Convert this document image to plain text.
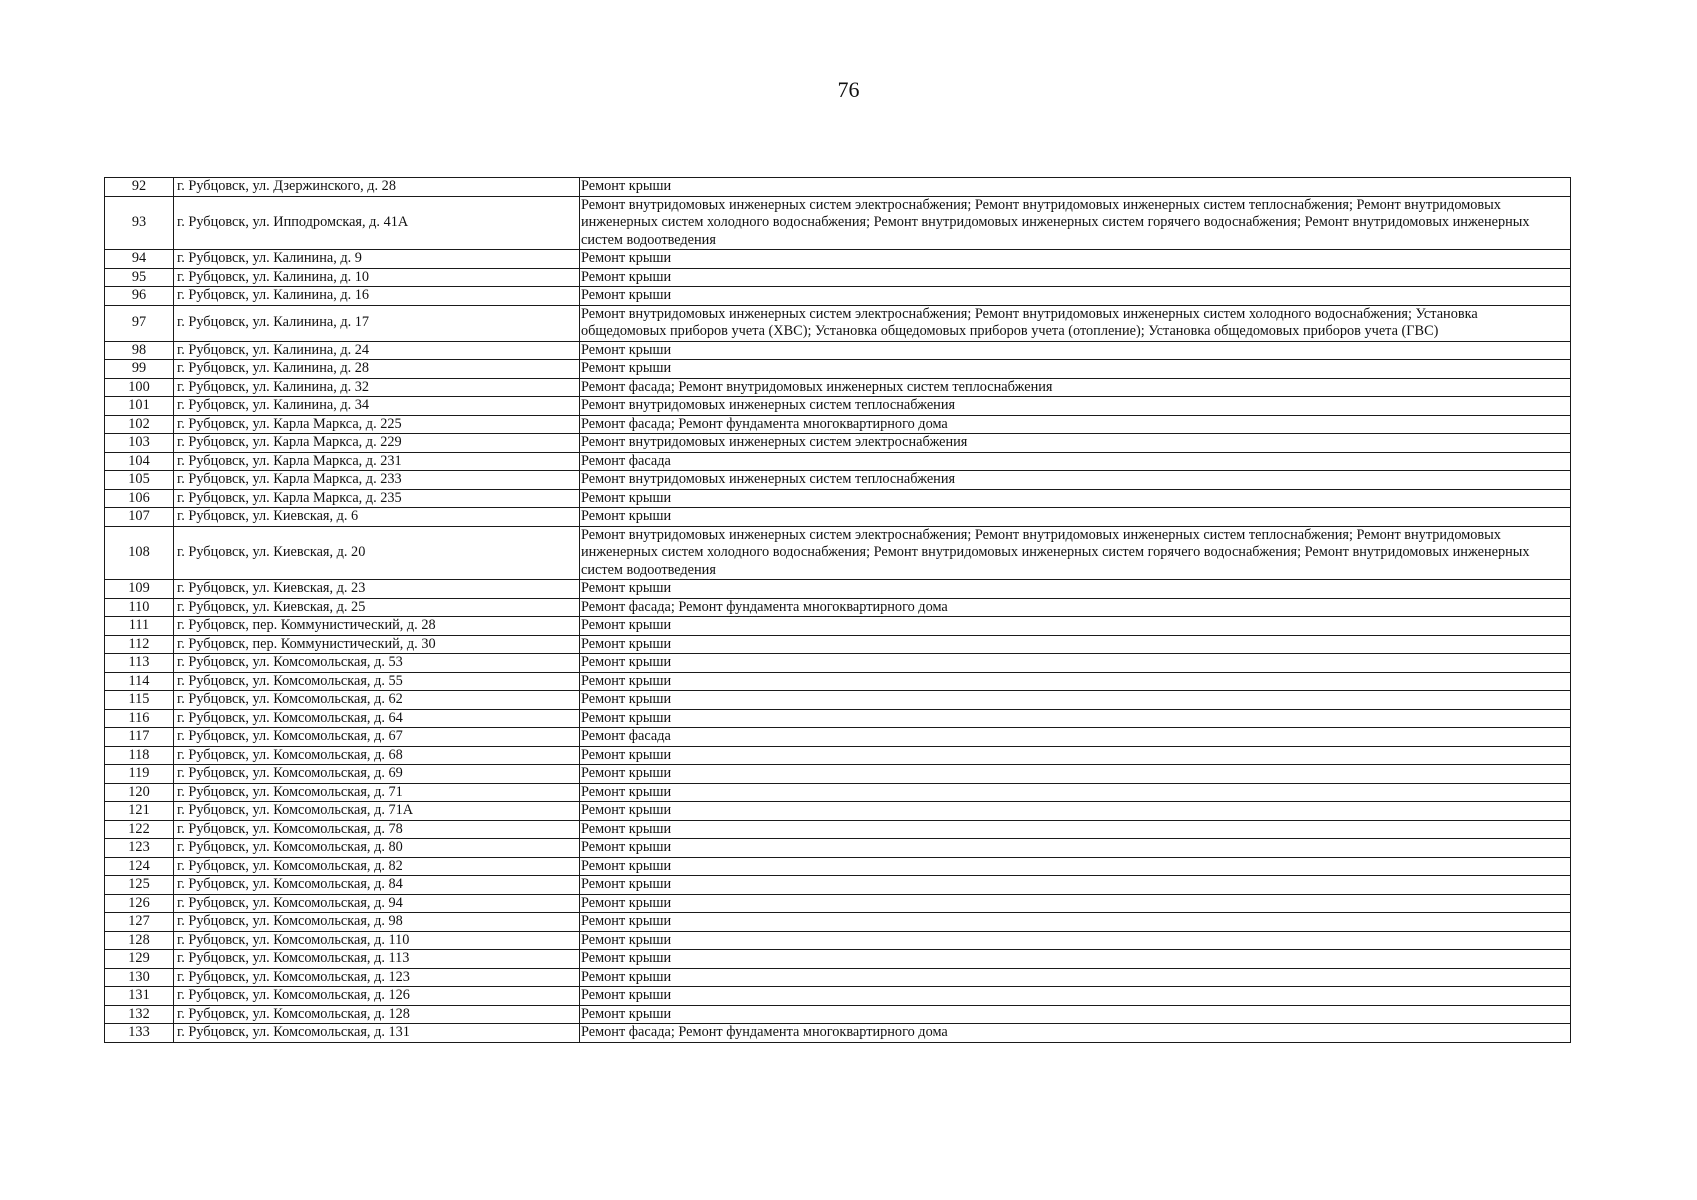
76
92	г. Рубцовск, ул. Дзержинского, д. 28	Ремонт крыши
93	г. Рубцовск, ул. Ипподромская, д. 41А	Ремонт внутридомовых инженерных систем электроснабжения; Ремонт внутридомовых инженерных систем теплоснабжения; Ремонт внутридомовых инженерных систем холодного водоснабжения; Ремонт внутридомовых инженерных систем горячего водоснабжения; Ремонт внутридомовых инженерных систем водоотведения
94	г. Рубцовск, ул. Калинина, д. 9	Ремонт крыши
95	г. Рубцовск, ул. Калинина, д. 10	Ремонт крыши
96	г. Рубцовск, ул. Калинина, д. 16	Ремонт крыши
97	г. Рубцовск, ул. Калинина, д. 17	Ремонт внутридомовых инженерных систем электроснабжения; Ремонт внутридомовых инженерных систем холодного водоснабжения; Установка общедомовых приборов учета (ХВС); Установка общедомовых приборов учета (отопление); Установка общедомовых приборов учета (ГВС)
98	г. Рубцовск, ул. Калинина, д. 24	Ремонт крыши
99	г. Рубцовск, ул. Калинина, д. 28	Ремонт крыши
100	г. Рубцовск, ул. Калинина, д. 32	Ремонт фасада; Ремонт внутридомовых инженерных систем теплоснабжения
101	г. Рубцовск, ул. Калинина, д. 34	Ремонт внутридомовых инженерных систем теплоснабжения
102	г. Рубцовск, ул. Карла Маркса, д. 225	Ремонт фасада; Ремонт фундамента многоквартирного дома
103	г. Рубцовск, ул. Карла Маркса, д. 229	Ремонт внутридомовых инженерных систем электроснабжения
104	г. Рубцовск, ул. Карла Маркса, д. 231	Ремонт фасада
105	г. Рубцовск, ул. Карла Маркса, д. 233	Ремонт внутридомовых инженерных систем теплоснабжения
106	г. Рубцовск, ул. Карла Маркса, д. 235	Ремонт крыши
107	г. Рубцовск, ул. Киевская, д. 6	Ремонт крыши
108	г. Рубцовск, ул. Киевская, д. 20	Ремонт внутридомовых инженерных систем электроснабжения; Ремонт внутридомовых инженерных систем теплоснабжения; Ремонт внутридомовых инженерных систем холодного водоснабжения; Ремонт внутридомовых инженерных систем горячего водоснабжения; Ремонт внутридомовых инженерных систем водоотведения
109	г. Рубцовск, ул. Киевская, д. 23	Ремонт крыши
110	г. Рубцовск, ул. Киевская, д. 25	Ремонт фасада; Ремонт фундамента многоквартирного дома
111	г. Рубцовск, пер. Коммунистический, д. 28	Ремонт крыши
112	г. Рубцовск, пер. Коммунистический, д. 30	Ремонт крыши
113	г. Рубцовск, ул. Комсомольская, д. 53	Ремонт крыши
114	г. Рубцовск, ул. Комсомольская, д. 55	Ремонт крыши
115	г. Рубцовск, ул. Комсомольская, д. 62	Ремонт крыши
116	г. Рубцовск, ул. Комсомольская, д. 64	Ремонт крыши
117	г. Рубцовск, ул. Комсомольская, д. 67	Ремонт фасада
118	г. Рубцовск, ул. Комсомольская, д. 68	Ремонт крыши
119	г. Рубцовск, ул. Комсомольская, д. 69	Ремонт крыши
120	г. Рубцовск, ул. Комсомольская, д. 71	Ремонт крыши
121	г. Рубцовск, ул. Комсомольская, д. 71А	Ремонт крыши
122	г. Рубцовск, ул. Комсомольская, д. 78	Ремонт крыши
123	г. Рубцовск, ул. Комсомольская, д. 80	Ремонт крыши
124	г. Рубцовск, ул. Комсомольская, д. 82	Ремонт крыши
125	г. Рубцовск, ул. Комсомольская, д. 84	Ремонт крыши
126	г. Рубцовск, ул. Комсомольская, д. 94	Ремонт крыши
127	г. Рубцовск, ул. Комсомольская, д. 98	Ремонт крыши
128	г. Рубцовск, ул. Комсомольская, д. 110	Ремонт крыши
129	г. Рубцовск, ул. Комсомольская, д. 113	Ремонт крыши
130	г. Рубцовск, ул. Комсомольская, д. 123	Ремонт крыши
131	г. Рубцовск, ул. Комсомольская, д. 126	Ремонт крыши
132	г. Рубцовск, ул. Комсомольская, д. 128	Ремонт крыши
133	г. Рубцовск, ул. Комсомольская, д. 131	Ремонт фасада; Ремонт фундамента многоквартирного дома
